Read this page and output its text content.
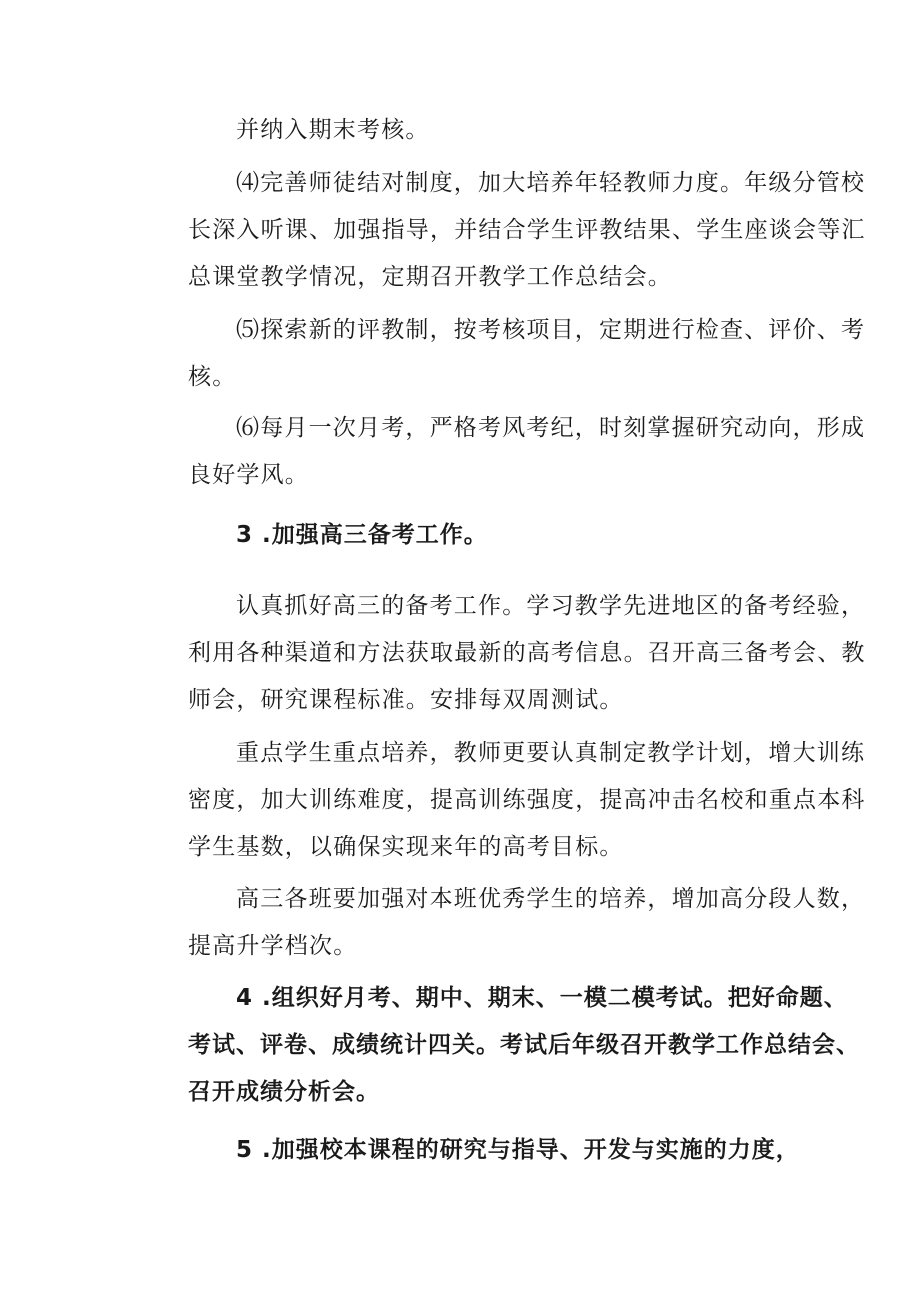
并纳入期末考核。
⑷完善师徒结对制度，加大培养年轻教师力度。年级分管校
长深入听课、加强指导，并结合学生评教结果、学生座谈会等汇
总课堂教学情况，定期召开教学工作总结会。
⑸探索新的评教制，按考核项目，定期进行检查、评价、考
核。
⑹每月一次月考，严格考风考纪，时刻掌握研究动向，形成
良好学风。
3 .加强高三备考工作。
认真抓好高三的备考工作。学习教学先进地区的备考经验，
利用各种渠道和方法获取最新的高考信息。召开高三备考会、教
师会，研究课程标准。安排每双周测试。
重点学生重点培养，教师更要认真制定教学计划，增大训练
密度，加大训练难度，提高训练强度，提高冲击名校和重点本科
学生基数，以确保实现来年的高考目标。
高三各班要加强对本班优秀学生的培养，增加高分段人数，
提高升学档次。
4 .组织好月考、期中、期末、一模二模考试。把好命题、
考试、评卷、成绩统计四关。考试后年级召开教学工作总结会、
召开成绩分析会。
5 .加强校本课程的研究与指导、开发与实施的力度，
